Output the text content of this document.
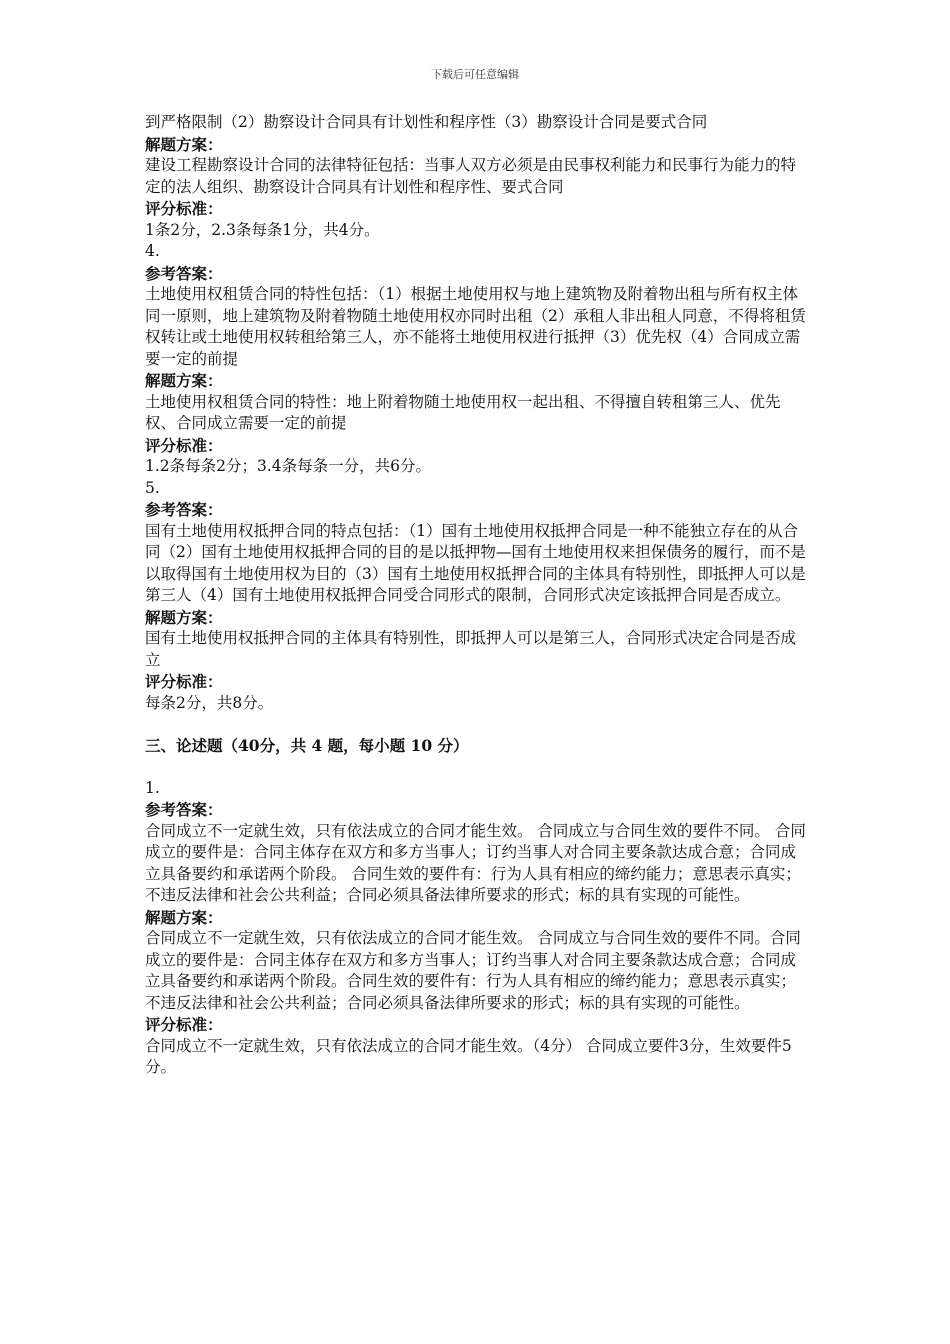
下载后可任意编辑

到严格限制（2）勘察设计合同具有计划性和程序性（3）勘察设计合同是要式合同

解题方案：

建设工程勘察设计合同的法律特征包括：当事人双方必须是由民事权利能力和民事行为能力的特定的法人组织、勘察设计合同具有计划性和程序性、要式合同

评分标准：

1条2分，2.3条每条1分，共4分。

4.

参考答案：

土地使用权租赁合同的特性包括：（1）根据土地使用权与地上建筑物及附着物出租与所有权主体同一原则，地上建筑物及附着物随土地使用权亦同时出租（2）承租人非出租人同意，不得将租赁权转让或土地使用权转租给第三人，亦不能将土地使用权进行抵押（3）优先权（4）合同成立需要一定的前提

解题方案：

土地使用权租赁合同的特性：地上附着物随土地使用权一起出租、不得擅自转租第三人、优先权、合同成立需要一定的前提

评分标准：

1.2条每条2分；3.4条每条一分，共6分。

5.

参考答案：

国有土地使用权抵押合同的特点包括：（1）国有土地使用权抵押合同是一种不能独立存在的从合同（2）国有土地使用权抵押合同的目的是以抵押物—国有土地使用权来担保债务的履行，而不是以取得国有土地使用权为目的（3）国有土地使用权抵押合同的主体具有特别性，即抵押人可以是第三人（4）国有土地使用权抵押合同受合同形式的限制，合同形式决定该抵押合同是否成立。

解题方案：

国有土地使用权抵押合同的主体具有特别性，即抵押人可以是第三人，合同形式决定合同是否成立

评分标准：

每条2分，共8分。

三、论述题（40分，共 4 题，每小题 10 分）

1.

参考答案：

合同成立不一定就生效，只有依法成立的合同才能生效。 合同成立与合同生效的要件不同。 合同成立的要件是：合同主体存在双方和多方当事人；订约当事人对合同主要条款达成合意；合同成立具备要约和承诺两个阶段。 合同生效的要件有：行为人具有相应的缔约能力；意思表示真实；不违反法律和社会公共利益；合同必须具备法律所要求的形式；标的具有实现的可能性。

解题方案：

合同成立不一定就生效，只有依法成立的合同才能生效。 合同成立与合同生效的要件不同。合同成立的要件是：合同主体存在双方和多方当事人；订约当事人对合同主要条款达成合意；合同成立具备要约和承诺两个阶段。合同生效的要件有：行为人具有相应的缔约能力；意思表示真实；不违反法律和社会公共利益；合同必须具备法律所要求的形式；标的具有实现的可能性。

评分标准：

合同成立不一定就生效，只有依法成立的合同才能生效。（4分） 合同成立要件3分，生效要件5分。
